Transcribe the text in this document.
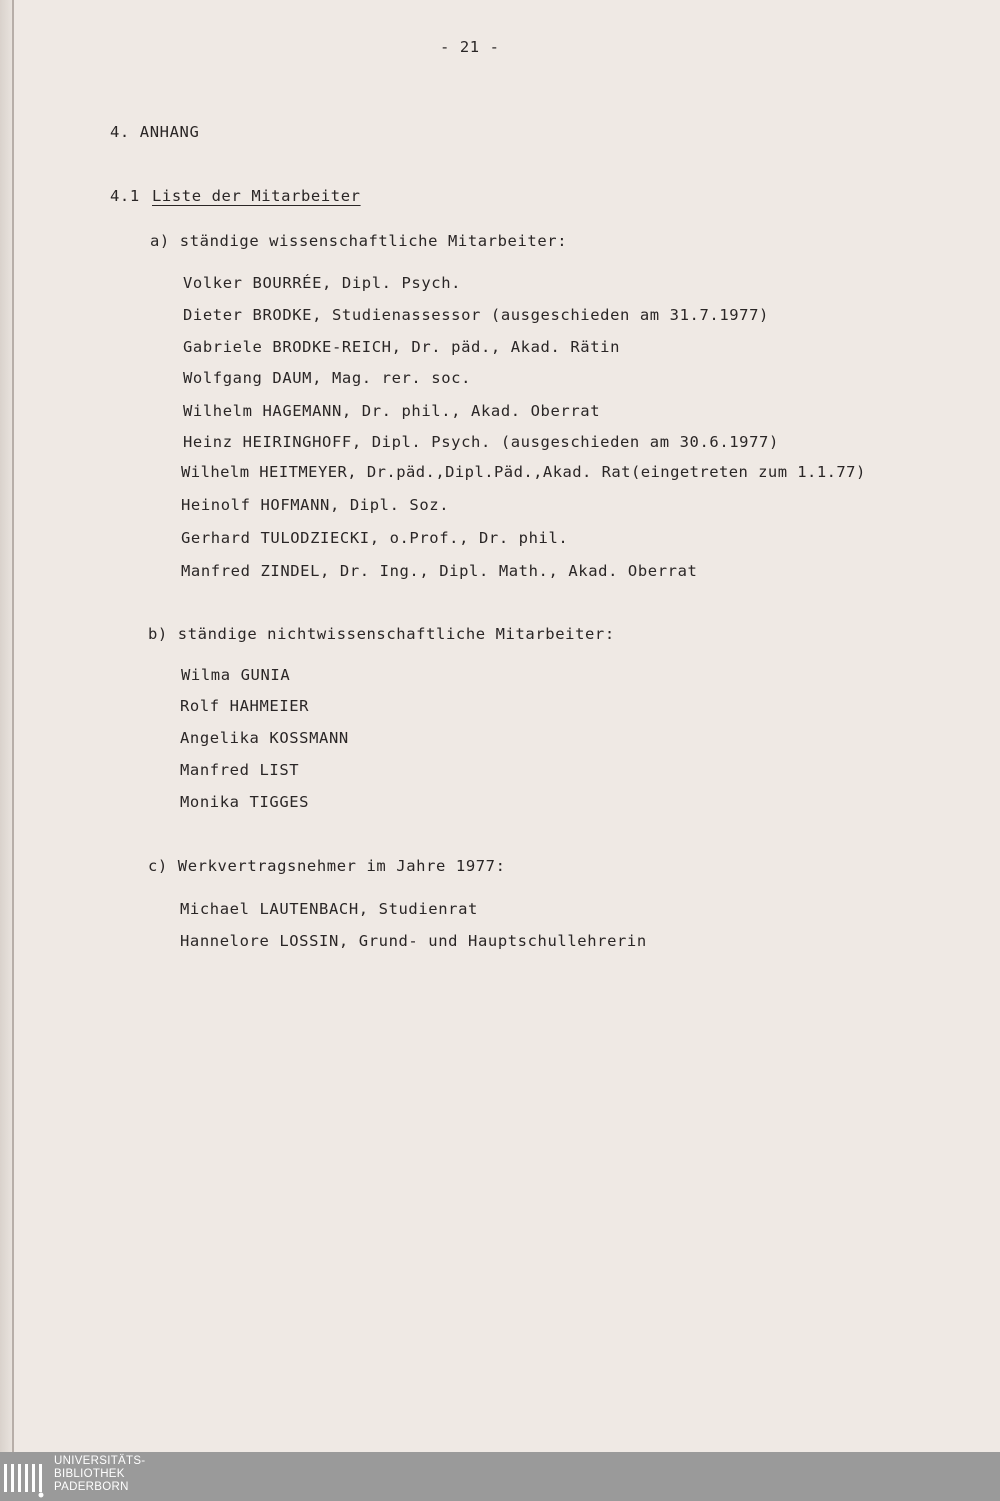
- 21 -
4. ANHANG
4.1 Liste der Mitarbeiter
a) ständige wissenschaftliche Mitarbeiter:
Volker BOURRÉE, Dipl. Psych.
Dieter BRODKE, Studienassessor (ausgeschieden am 31.7.1977)
Gabriele BRODKE-REICH, Dr. päd., Akad. Rätin
Wolfgang DAUM, Mag. rer. soc.
Wilhelm HAGEMANN, Dr. phil., Akad. Oberrat
Heinz HEIRINGHOFF, Dipl. Psych. (ausgeschieden am 30.6.1977)
Wilhelm HEITMEYER, Dr.päd.,Dipl.Päd.,Akad. Rat(eingetreten zum 1.1.77)
Heinolf HOFMANN, Dipl. Soz.
Gerhard TULODZIECKI, o.Prof., Dr. phil.
Manfred ZINDEL, Dr. Ing., Dipl. Math., Akad. Oberrat
b) ständige nichtwissenschaftliche Mitarbeiter:
Wilma GUNIA
Rolf HAHMEIER
Angelika KOSSMANN
Manfred LIST
Monika TIGGES
c) Werkvertragsnehmer im Jahre 1977:
Michael LAUTENBACH, Studienrat
Hannelore LOSSIN, Grund- und Hauptschullehrerin
UNIVERSITÄTS-
BIBLIOTHEK
PADERBORN
